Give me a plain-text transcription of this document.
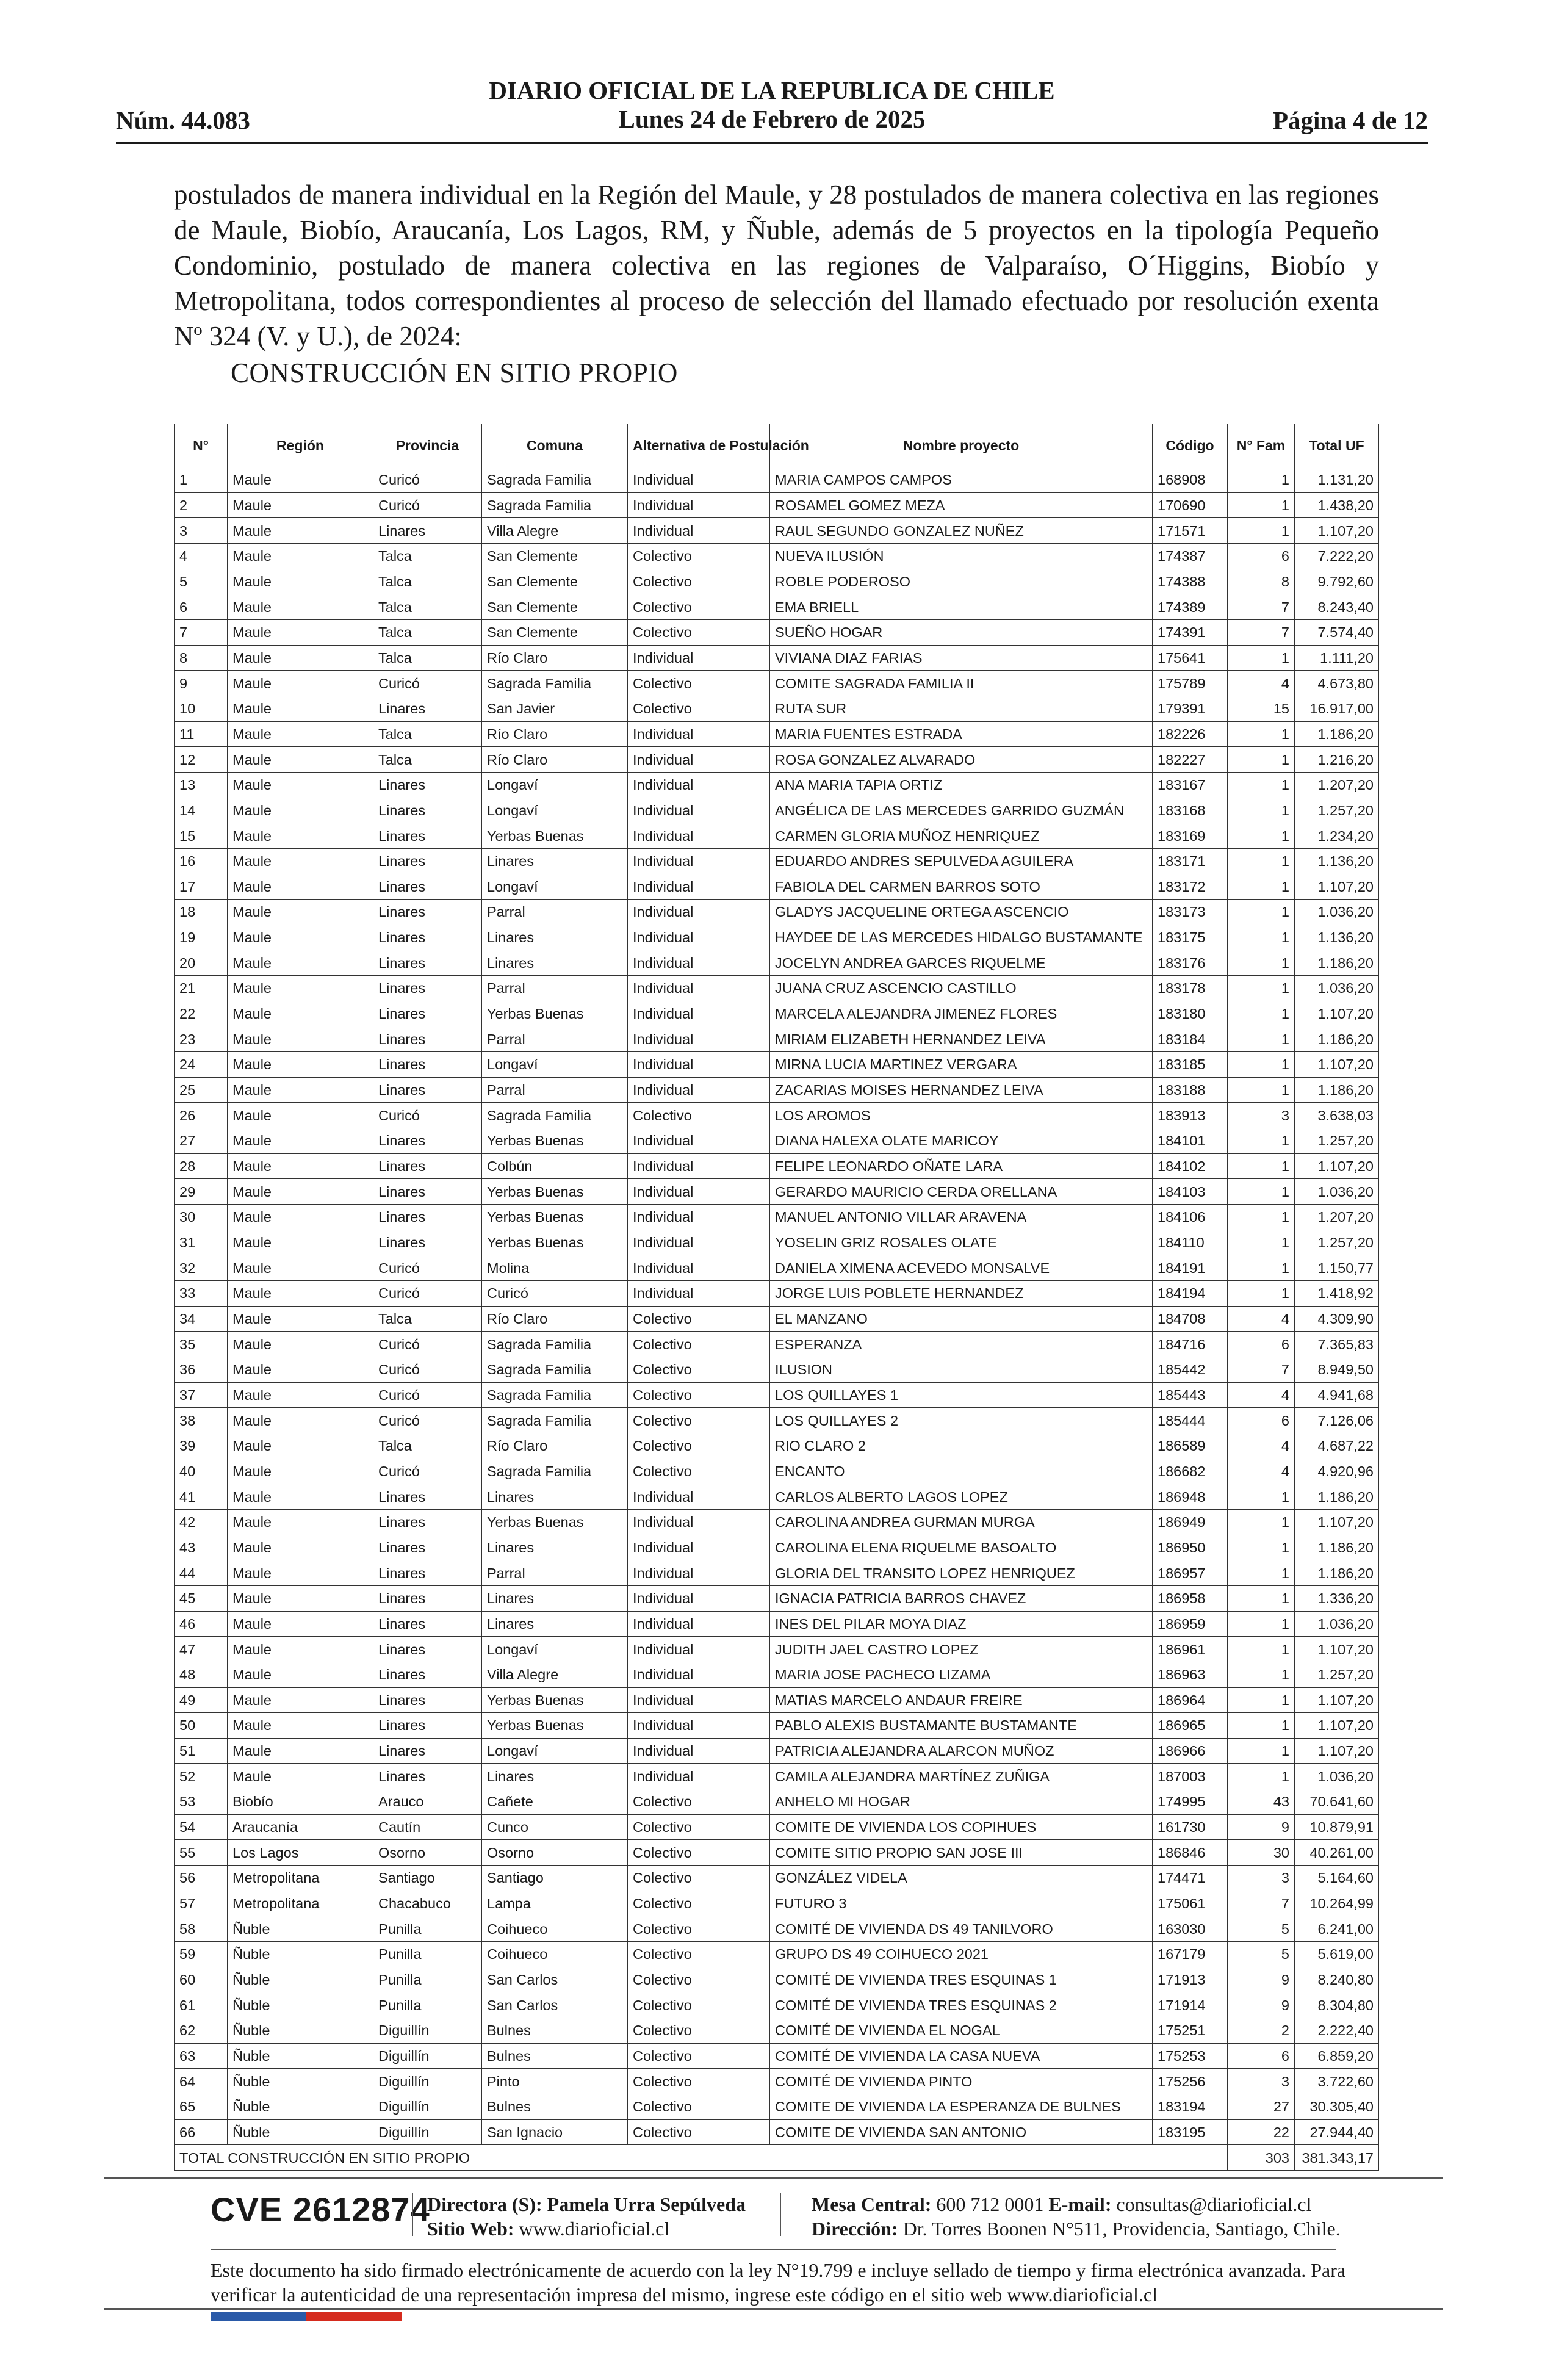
Núm. 44.083
DIARIO OFICIAL DE LA REPUBLICA DE CHILE
Lunes 24 de Febrero de 2025	Página 4 de 12
postulados de manera individual en la Región del Maule, y 28 postulados de manera colectiva en las regiones de Maule, Biobío, Araucanía, Los Lagos, RM, y Ñuble, además de 5 proyectos en la tipología Pequeño Condominio, postulado de manera colectiva en las regiones de Valparaíso, O´Higgins, Biobío y Metropolitana, todos correspondientes al proceso de selección del llamado efectuado por resolución exenta Nº 324 (V. y U.), de 2024:
CONSTRUCCIÓN EN SITIO PROPIO
N°	Región	Provincia	Comuna	Alternativa de Postulación	Nombre proyecto	Código	N° Fam	Total UF
1	Maule	Curicó	Sagrada Familia	Individual	MARIA CAMPOS CAMPOS	168908	1	1.131,20
2	Maule	Curicó	Sagrada Familia	Individual	ROSAMEL GOMEZ MEZA	170690	1	1.438,20
3	Maule	Linares	Villa Alegre	Individual	RAUL SEGUNDO GONZALEZ NUÑEZ	171571	1	1.107,20
4	Maule	Talca	San Clemente	Colectivo	NUEVA ILUSIÓN	174387	6	7.222,20
5	Maule	Talca	San Clemente	Colectivo	ROBLE PODEROSO	174388	8	9.792,60
6	Maule	Talca	San Clemente	Colectivo	EMA BRIELL	174389	7	8.243,40
7	Maule	Talca	San Clemente	Colectivo	SUEÑO HOGAR	174391	7	7.574,40
8	Maule	Talca	Río Claro	Individual	VIVIANA DIAZ FARIAS	175641	1	1.111,20
9	Maule	Curicó	Sagrada Familia	Colectivo	COMITE SAGRADA FAMILIA II	175789	4	4.673,80
10	Maule	Linares	San Javier	Colectivo	RUTA SUR	179391	15	16.917,00
11	Maule	Talca	Río Claro	Individual	MARIA FUENTES ESTRADA	182226	1	1.186,20
12	Maule	Talca	Río Claro	Individual	ROSA GONZALEZ ALVARADO	182227	1	1.216,20
13	Maule	Linares	Longaví	Individual	ANA MARIA TAPIA ORTIZ	183167	1	1.207,20
14	Maule	Linares	Longaví	Individual	ANGÉLICA DE LAS MERCEDES GARRIDO GUZMÁN	183168	1	1.257,20
15	Maule	Linares	Yerbas Buenas	Individual	CARMEN GLORIA MUÑOZ HENRIQUEZ	183169	1	1.234,20
16	Maule	Linares	Linares	Individual	EDUARDO ANDRES SEPULVEDA AGUILERA	183171	1	1.136,20
17	Maule	Linares	Longaví	Individual	FABIOLA DEL CARMEN BARROS SOTO	183172	1	1.107,20
18	Maule	Linares	Parral	Individual	GLADYS JACQUELINE ORTEGA ASCENCIO	183173	1	1.036,20
19	Maule	Linares	Linares	Individual	HAYDEE DE LAS MERCEDES HIDALGO BUSTAMANTE	183175	1	1.136,20
20	Maule	Linares	Linares	Individual	JOCELYN ANDREA GARCES RIQUELME	183176	1	1.186,20
21	Maule	Linares	Parral	Individual	JUANA CRUZ ASCENCIO CASTILLO	183178	1	1.036,20
22	Maule	Linares	Yerbas Buenas	Individual	MARCELA ALEJANDRA JIMENEZ FLORES	183180	1	1.107,20
23	Maule	Linares	Parral	Individual	MIRIAM ELIZABETH HERNANDEZ LEIVA	183184	1	1.186,20
24	Maule	Linares	Longaví	Individual	MIRNA LUCIA MARTINEZ VERGARA	183185	1	1.107,20
25	Maule	Linares	Parral	Individual	ZACARIAS MOISES HERNANDEZ LEIVA	183188	1	1.186,20
26	Maule	Curicó	Sagrada Familia	Colectivo	LOS AROMOS	183913	3	3.638,03
27	Maule	Linares	Yerbas Buenas	Individual	DIANA HALEXA OLATE MARICOY	184101	1	1.257,20
28	Maule	Linares	Colbún	Individual	FELIPE LEONARDO OÑATE LARA	184102	1	1.107,20
29	Maule	Linares	Yerbas Buenas	Individual	GERARDO MAURICIO CERDA ORELLANA	184103	1	1.036,20
30	Maule	Linares	Yerbas Buenas	Individual	MANUEL ANTONIO VILLAR ARAVENA	184106	1	1.207,20
31	Maule	Linares	Yerbas Buenas	Individual	YOSELIN GRIZ ROSALES OLATE	184110	1	1.257,20
32	Maule	Curicó	Molina	Individual	DANIELA XIMENA ACEVEDO MONSALVE	184191	1	1.150,77
33	Maule	Curicó	Curicó	Individual	JORGE LUIS POBLETE HERNANDEZ	184194	1	1.418,92
34	Maule	Talca	Río Claro	Colectivo	EL MANZANO	184708	4	4.309,90
35	Maule	Curicó	Sagrada Familia	Colectivo	ESPERANZA	184716	6	7.365,83
36	Maule	Curicó	Sagrada Familia	Colectivo	ILUSION	185442	7	8.949,50
37	Maule	Curicó	Sagrada Familia	Colectivo	LOS QUILLAYES 1	185443	4	4.941,68
38	Maule	Curicó	Sagrada Familia	Colectivo	LOS QUILLAYES 2	185444	6	7.126,06
39	Maule	Talca	Río Claro	Colectivo	RIO CLARO 2	186589	4	4.687,22
40	Maule	Curicó	Sagrada Familia	Colectivo	ENCANTO	186682	4	4.920,96
41	Maule	Linares	Linares	Individual	CARLOS ALBERTO LAGOS LOPEZ	186948	1	1.186,20
42	Maule	Linares	Yerbas Buenas	Individual	CAROLINA ANDREA GURMAN MURGA	186949	1	1.107,20
43	Maule	Linares	Linares	Individual	CAROLINA ELENA RIQUELME BASOALTO	186950	1	1.186,20
44	Maule	Linares	Parral	Individual	GLORIA DEL TRANSITO LOPEZ HENRIQUEZ	186957	1	1.186,20
45	Maule	Linares	Linares	Individual	IGNACIA PATRICIA BARROS CHAVEZ	186958	1	1.336,20
46	Maule	Linares	Linares	Individual	INES DEL PILAR MOYA DIAZ	186959	1	1.036,20
47	Maule	Linares	Longaví	Individual	JUDITH JAEL CASTRO LOPEZ	186961	1	1.107,20
48	Maule	Linares	Villa Alegre	Individual	MARIA JOSE PACHECO LIZAMA	186963	1	1.257,20
49	Maule	Linares	Yerbas Buenas	Individual	MATIAS MARCELO ANDAUR FREIRE	186964	1	1.107,20
50	Maule	Linares	Yerbas Buenas	Individual	PABLO ALEXIS BUSTAMANTE BUSTAMANTE	186965	1	1.107,20
51	Maule	Linares	Longaví	Individual	PATRICIA ALEJANDRA ALARCON MUÑOZ	186966	1	1.107,20
52	Maule	Linares	Linares	Individual	CAMILA ALEJANDRA MARTÍNEZ ZUÑIGA	187003	1	1.036,20
53	Biobío	Arauco	Cañete	Colectivo	ANHELO MI HOGAR	174995	43	70.641,60
54	Araucanía	Cautín	Cunco	Colectivo	COMITE DE VIVIENDA LOS COPIHUES	161730	9	10.879,91
55	Los Lagos	Osorno	Osorno	Colectivo	COMITE SITIO PROPIO SAN JOSE III	186846	30	40.261,00
56	Metropolitana	Santiago	Santiago	Colectivo	GONZÁLEZ VIDELA	174471	3	5.164,60
57	Metropolitana	Chacabuco	Lampa	Colectivo	FUTURO 3	175061	7	10.264,99
58	Ñuble	Punilla	Coihueco	Colectivo	COMITÉ DE VIVIENDA DS 49 TANILVORO	163030	5	6.241,00
59	Ñuble	Punilla	Coihueco	Colectivo	GRUPO DS 49 COIHUECO 2021	167179	5	5.619,00
60	Ñuble	Punilla	San Carlos	Colectivo	COMITÉ DE VIVIENDA TRES ESQUINAS 1	171913	9	8.240,80
61	Ñuble	Punilla	San Carlos	Colectivo	COMITÉ DE VIVIENDA TRES ESQUINAS 2	171914	9	8.304,80
62	Ñuble	Diguillín	Bulnes	Colectivo	COMITÉ DE VIVIENDA EL NOGAL	175251	2	2.222,40
63	Ñuble	Diguillín	Bulnes	Colectivo	COMITÉ DE VIVIENDA LA CASA NUEVA	175253	6	6.859,20
64	Ñuble	Diguillín	Pinto	Colectivo	COMITÉ DE VIVIENDA PINTO	175256	3	3.722,60
65	Ñuble	Diguillín	Bulnes	Colectivo	COMITE DE VIVIENDA LA ESPERANZA DE BULNES	183194	27	30.305,40
66	Ñuble	Diguillín	San Ignacio	Colectivo	COMITE DE VIVIENDA SAN ANTONIO	183195	22	27.944,40
TOTAL CONSTRUCCIÓN EN SITIO PROPIO							303	381.343,17
CVE 2612874
Directora (S): Pamela Urra Sepúlveda
Sitio Web: www.diarioficial.cl
Mesa Central: 600 712 0001 E-mail: consultas@diarioficial.cl
Dirección: Dr. Torres Boonen N°511, Providencia, Santiago, Chile.
Este documento ha sido firmado electrónicamente de acuerdo con la ley N°19.799 e incluye sellado de tiempo y firma electrónica avanzada. Para verificar la autenticidad de una representación impresa del mismo, ingrese este código en el sitio web www.diarioficial.cl
